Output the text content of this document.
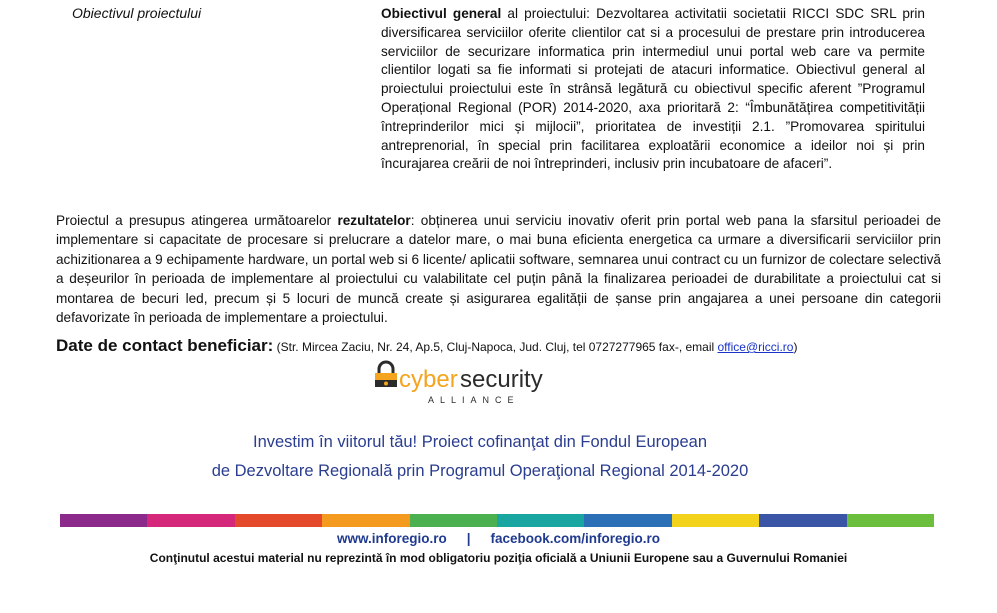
Obiectivul proiectului	Obiectivul general al proiectului: Dezvoltarea activitatii societatii RICCI SDC SRL prin diversificarea serviciilor oferite clientilor cat si a procesului de prestare prin introducerea serviciilor de securizare informatica prin intermediul unui portal web care va permite clientilor logati sa fie informati si protejati de atacuri informatice. Obiectivul general al proiectului proiectului este în strânsă legătură cu obiectivul specific aferent ”Programul Operațional Regional (POR) 2014-2020, axa prioritară 2: “Îmbunătățirea competitivității întreprinderilor mici și mijlocii”, prioritatea de investiții 2.1. ”Promovarea spiritului antreprenorial, în special prin facilitarea exploatării economice a ideilor noi și prin încurajarea creării de noi întreprinderi, inclusiv prin incubatoare de afaceri”.
Proiectul a presupus atingerea următoarelor rezultatelor: obținerea unui serviciu inovativ oferit prin portal web pana la sfarsitul perioadei de implementare si capacitate de procesare si prelucrare a datelor mare, o mai buna eficienta energetica ca urmare a diversificarii serviciilor prin achizitionarea a 9 echipamente hardware, un portal web si 6 licente/ aplicatii software, semnarea unui contract cu un furnizor de colectare selectivă a deșeurilor în perioada de implementare al proiectului cu valabilitate cel puțin până la finalizarea perioadei de durabilitate a proiectului cat si montarea de becuri led, precum și 5 locuri de muncă create și asigurarea egalității de șanse prin angajarea a unei persoane din categorii defavorizate în perioada de implementare a proiectului.
Date de contact beneficiar: (Str. Mircea Zaciu, Nr. 24, Ap.5, Cluj-Napoca, Jud. Cluj, tel 0727277965 fax-, email office@ricci.ro)
cyber security
ALLIANCE
Investim în viitorul tău! Proiect cofinanţat din Fondul European
de Dezvoltare Regională prin Programul Operaţional Regional 2014-2020
www.inforegio.ro | facebook.com/inforegio.ro
Conţinutul acestui material nu reprezintă în mod obligatoriu poziţia oficială a Uniunii Europene sau a Guvernului Romaniei
